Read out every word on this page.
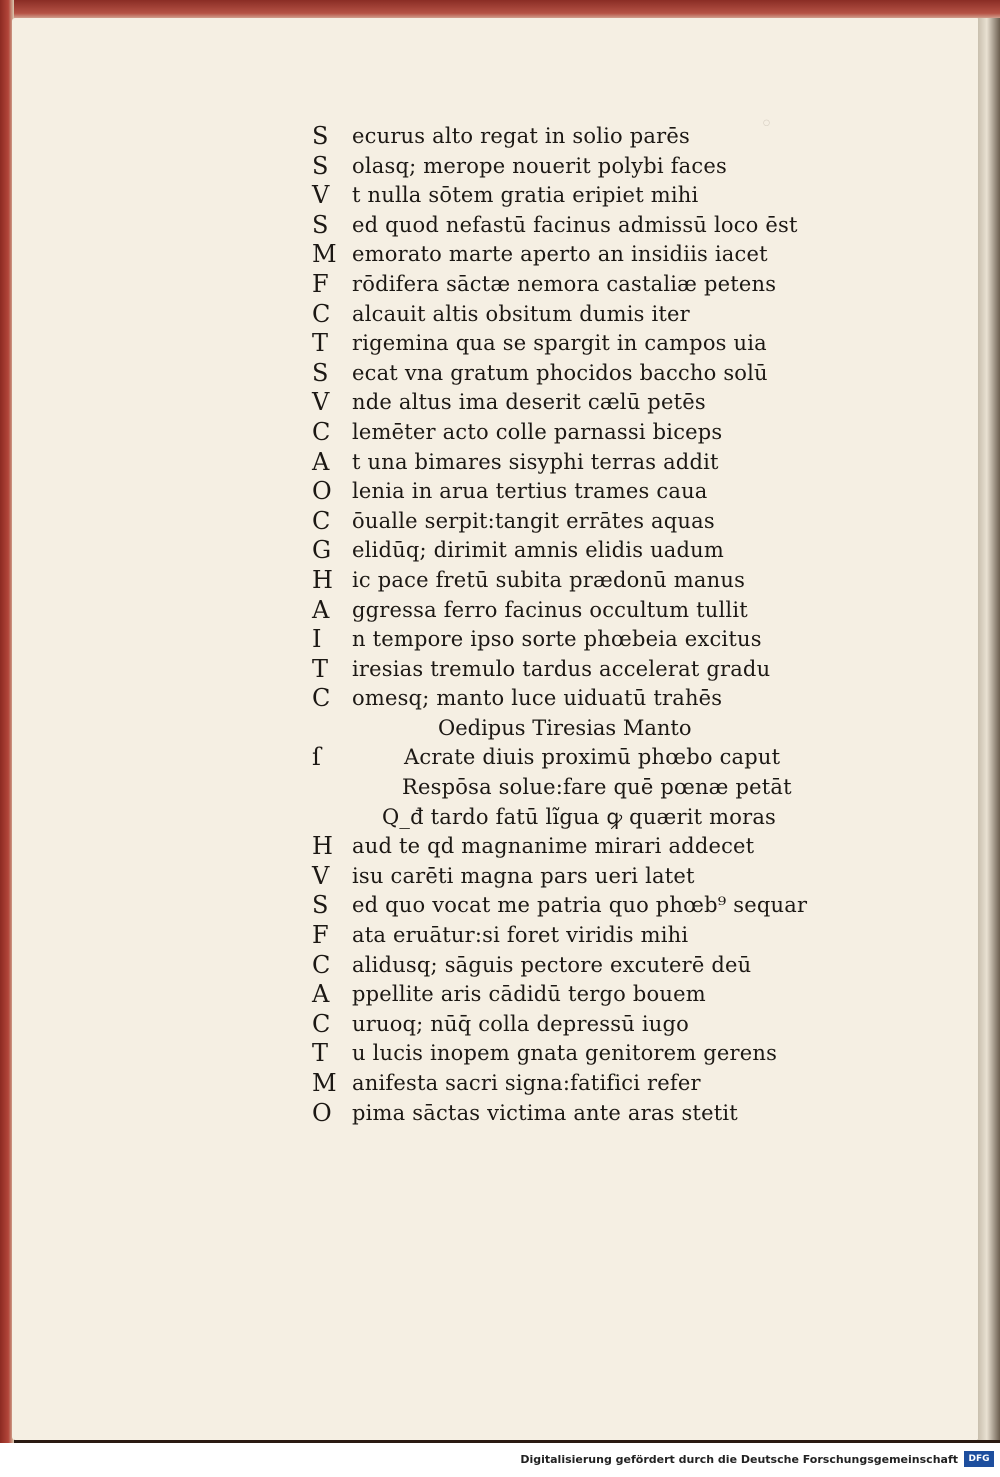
S	ecurus alto regat in solio parēs
S	olasq; merope nouerit polybi faces
V	t nulla sōtem gratia eripiet mihi
S	ed quod nefastū facinus admissū loco ēst
M emorato marte aperto an insidiis iacet
F	rōdifera sāctæ nemora castaliæ petens
C	alcauit altis obsitum dumis iter
T	rigemina qua se spargit in campos uia
S	ecat vna gratum phocidos baccho solū
V	nde altus ima deserit cælū petēs
C	lemēter acto colle parnassi biceps
A	t una bimares sisyphi terras addit
O lenia in arua tertius trames caua
C	ōualle serpit:tangit errātes aquas
G elidūq; dirimit amnis elidis uadum
H ic pace fretū subita prædonū manus
A	ggressa ferro facinus occultum tullit
I	n tempore ipso sorte phœbeia excitus
T	iresias tremulo tardus accelerat gradu
C	omesq; manto luce uiduatū trahēs
Oedipus Tiresias Manto
ſ	Acrate diuis proximū phœbo caput
Respōsa solue:fare quē pœnæ petāt
Q_đ tardo fatū lĩgua ꝙ quærit moras
H aud te qd magnanime mirari addecet
V	isu carēti magna pars ueri latet
S	ed quo vocat me patria quo phœb⁹ sequar
F	ata eruātur:si foret viridis mihi
C	alidusq; sāguis pectore excuterē deū
A	ppellite aris cādidū tergo bouem
C	uruoq; nūq̄ colla depressū iugo
T	u lucis inopem gnata genitorem gerens
M anifesta sacri signa:fatifici refer
O pima sāctas victima ante aras stetit
Digitalisierung gefördert durch die Deutsche Forschungsgemeinschaft	DFG
